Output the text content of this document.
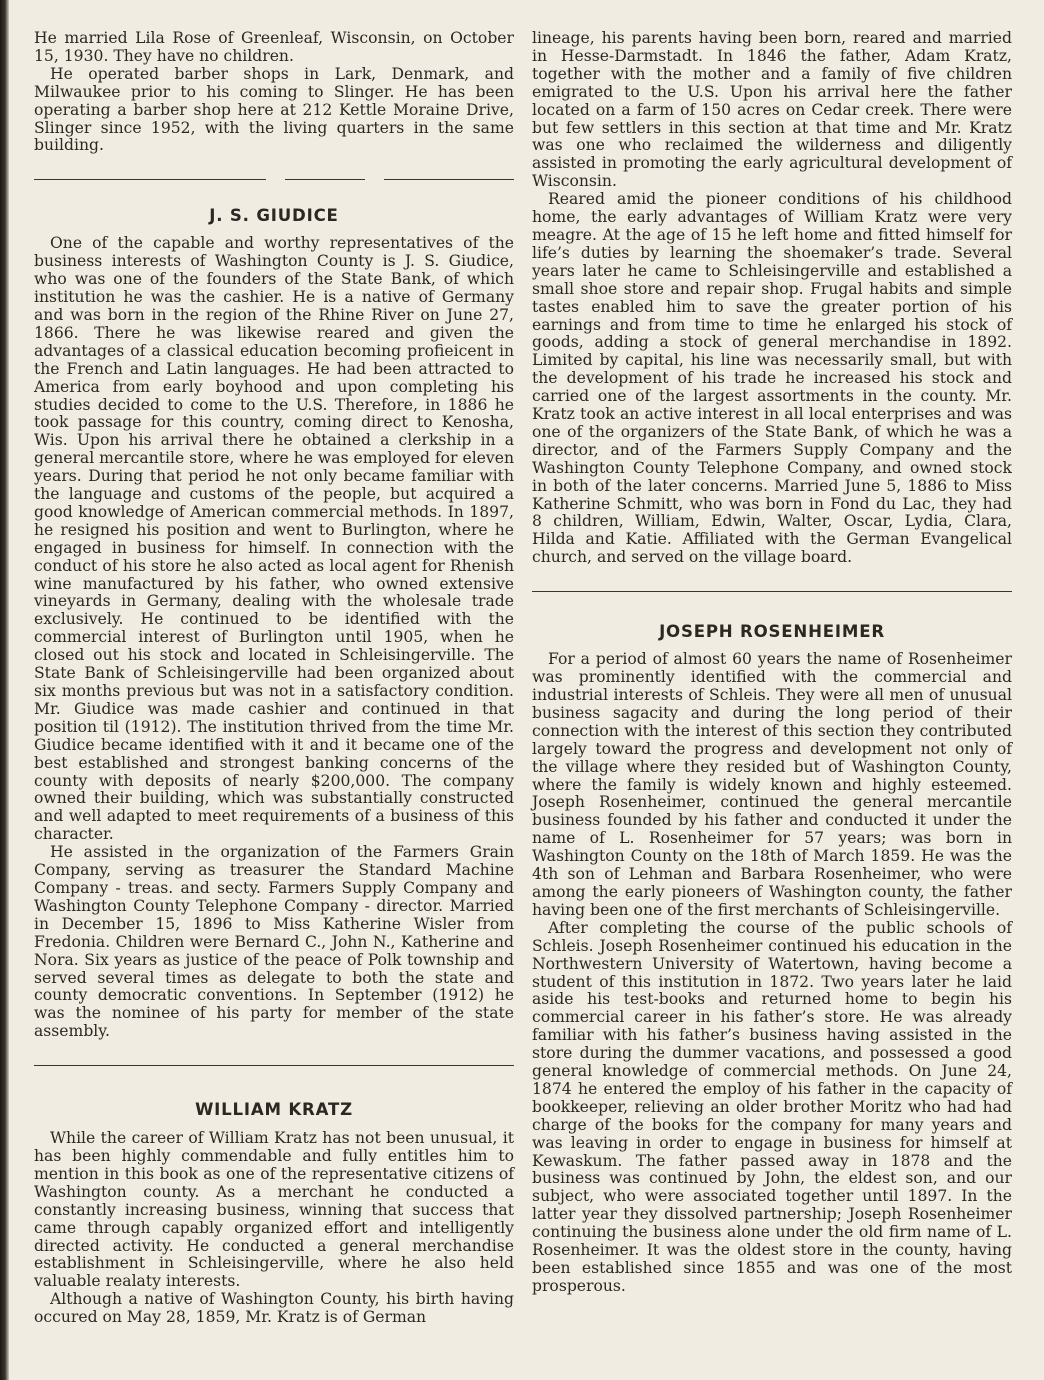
He married Lila Rose of Greenleaf, Wisconsin, on October 15, 1930. They have no children.

He operated barber shops in Lark, Denmark, and Milwaukee prior to his coming to Slinger. He has been operating a barber shop here at 212 Kettle Moraine Drive, Slinger since 1952, with the living quarters in the same building.

J. S. GIUDICE

One of the capable and worthy representatives of the business interests of Washington County is J. S. Giudice, who was one of the founders of the State Bank, of which institution he was the cashier. He is a native of Germany and was born in the region of the Rhine River on June 27, 1866. There he was likewise reared and given the advantages of a classical education becoming profieicent in the French and Latin languages. He had been attracted to America from early boyhood and upon completing his studies decided to come to the U.S. Therefore, in 1886 he took passage for this country, coming direct to Kenosha, Wis. Upon his arrival there he obtained a clerkship in a general mercantile store, where he was employed for eleven years. During that period he not only became familiar with the language and customs of the people, but acquired a good knowledge of American commercial methods. In 1897, he resigned his position and went to Burlington, where he engaged in business for himself. In connection with the conduct of his store he also acted as local agent for Rhenish wine manufactured by his father, who owned extensive vineyards in Germany, dealing with the wholesale trade exclusively. He continued to be identified with the commercial interest of Burlington until 1905, when he closed out his stock and located in Schleisingerville. The State Bank of Schleisingerville had been organized about six months previous but was not in a satisfactory condition. Mr. Giudice was made cashier and continued in that position til (1912). The institution thrived from the time Mr. Giudice became identified with it and it became one of the best established and strongest banking concerns of the county with deposits of nearly $200,000. The company owned their building, which was substantially constructed and well adapted to meet requirements of a business of this character.

He assisted in the organization of the Farmers Grain Company, serving as treasurer the Standard Machine Company - treas. and secty. Farmers Supply Company and Washington County Telephone Company - director. Married in December 15, 1896 to Miss Katherine Wisler from Fredonia. Children were Bernard C., John N., Katherine and Nora. Six years as justice of the peace of Polk township and served several times as delegate to both the state and county democratic conventions. In September (1912) he was the nominee of his party for member of the state assembly.

WILLIAM KRATZ

While the career of William Kratz has not been unusual, it has been highly commendable and fully entitles him to mention in this book as one of the representative citizens of Washington county. As a merchant he conducted a constantly increasing business, winning that success that came through capably organized effort and intelligently directed activity. He conducted a general merchandise establishment in Schleisingerville, where he also held valuable realaty interests.

Although a native of Washington County, his birth having occured on May 28, 1859, Mr. Kratz is of German

lineage, his parents having been born, reared and married in Hesse-Darmstadt. In 1846 the father, Adam Kratz, together with the mother and a family of five children emigrated to the U.S. Upon his arrival here the father located on a farm of 150 acres on Cedar creek. There were but few settlers in this section at that time and Mr. Kratz was one who reclaimed the wilderness and diligently assisted in promoting the early agricultural development of Wisconsin.

Reared amid the pioneer conditions of his childhood home, the early advantages of William Kratz were very meagre. At the age of 15 he left home and fitted himself for life’s duties by learning the shoemaker’s trade. Several years later he came to Schleisingerville and established a small shoe store and repair shop. Frugal habits and simple tastes enabled him to save the greater portion of his earnings and from time to time he enlarged his stock of goods, adding a stock of general merchandise in 1892. Limited by capital, his line was necessarily small, but with the development of his trade he increased his stock and carried one of the largest assortments in the county. Mr. Kratz took an active interest in all local enterprises and was one of the organizers of the State Bank, of which he was a director, and of the Farmers Supply Company and the Washington County Telephone Company, and owned stock in both of the later concerns. Married June 5, 1886 to Miss Katherine Schmitt, who was born in Fond du Lac, they had 8 children, William, Edwin, Walter, Oscar, Lydia, Clara, Hilda and Katie. Affiliated with the German Evangelical church, and served on the village board.

JOSEPH ROSENHEIMER

For a period of almost 60 years the name of Rosenheimer was prominently identified with the commercial and industrial interests of Schleis. They were all men of unusual business sagacity and during the long period of their connection with the interest of this section they contributed largely toward the progress and development not only of the village where they resided but of Washington County, where the family is widely known and highly esteemed. Joseph Rosenheimer, continued the general mercantile business founded by his father and conducted it under the name of L. Rosenheimer for 57 years; was born in Washington County on the 18th of March 1859. He was the 4th son of Lehman and Barbara Rosenheimer, who were among the early pioneers of Washington county, the father having been one of the first merchants of Schleisingerville.

After completing the course of the public schools of Schleis. Joseph Rosenheimer continued his education in the Northwestern University of Watertown, having become a student of this institution in 1872. Two years later he laid aside his test-books and returned home to begin his commercial career in his father’s store. He was already familiar with his father’s business having assisted in the store during the dummer vacations, and possessed a good general knowledge of commercial methods. On June 24, 1874 he entered the employ of his father in the capacity of bookkeeper, relieving an older brother Moritz who had had charge of the books for the company for many years and was leaving in order to engage in business for himself at Kewaskum. The father passed away in 1878 and the business was continued by John, the eldest son, and our subject, who were associated together until 1897. In the latter year they dissolved partnership; Joseph Rosenheimer continuing the business alone under the old firm name of L. Rosenheimer. It was the oldest store in the county, having been established since 1855 and was one of the most prosperous.
